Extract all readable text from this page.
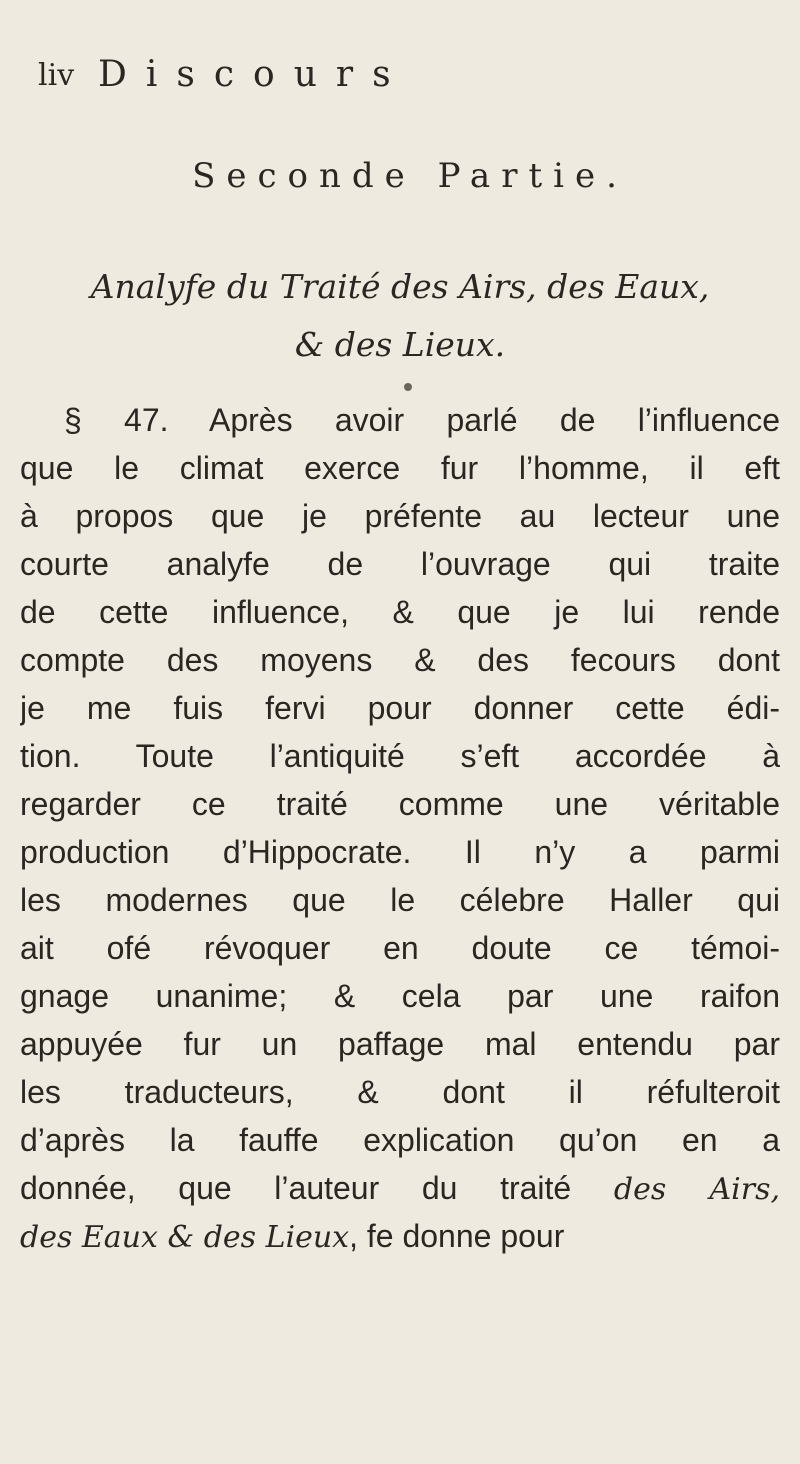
liv Discours
Seconde Partie.
Analyfe du Traité des Airs, des Eaux,
& des Lieux.
§ 47. Après avoir parlé de l’influence
que le climat exerce fur l’homme, il eft
à propos que je préfente au lecteur une
courte analyfe de l’ouvrage qui traite
de cette influence, & que je lui rende
compte des moyens & des fecours dont
je me fuis fervi pour donner cette édi-
tion. Toute l’antiquité s’eft accordée à
regarder ce traité comme une véritable
production d’Hippocrate. Il n’y a parmi
les modernes que le célebre Haller qui
ait ofé révoquer en doute ce témoi-
gnage unanime; & cela par une raifon
appuyée fur un paffage mal entendu par
les traducteurs, & dont il réfulteroit
d’après la fauffe explication qu’on en a
donnée, que l’auteur du traité des Airs,
des Eaux & des Lieux, fe donne pour
